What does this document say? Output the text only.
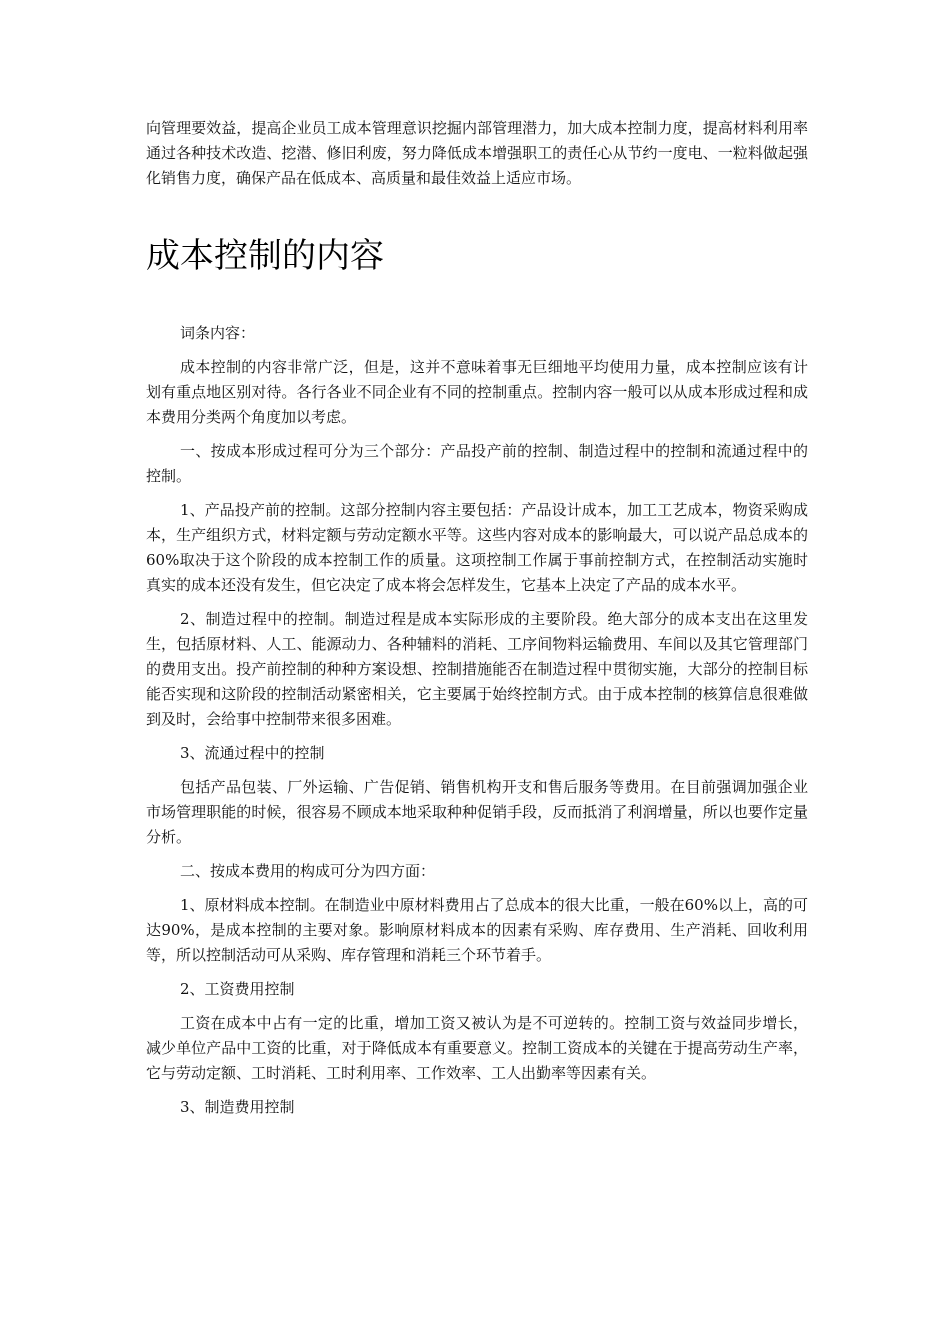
向管理要效益，提高企业员工成本管理意识挖掘内部管理潜力，加大成本控制力度，提高材料利用率通过各种技术改造、挖潜、修旧利废，努力降低成本增强职工的责任心从节约一度电、一粒料做起强化销售力度，确保产品在低成本、高质量和最佳效益上适应市场。

成本控制的内容

词条内容：

成本控制的内容非常广泛，但是，这并不意味着事无巨细地平均使用力量，成本控制应该有计划有重点地区别对待。各行各业不同企业有不同的控制重点。控制内容一般可以从成本形成过程和成本费用分类两个角度加以考虑。

一、按成本形成过程可分为三个部分：产品投产前的控制、制造过程中的控制和流通过程中的控制。

1、产品投产前的控制。这部分控制内容主要包括：产品设计成本，加工工艺成本，物资采购成本，生产组织方式，材料定额与劳动定额水平等。这些内容对成本的影响最大，可以说产品总成本的60%取决于这个阶段的成本控制工作的质量。这项控制工作属于事前控制方式，在控制活动实施时真实的成本还没有发生，但它决定了成本将会怎样发生，它基本上决定了产品的成本水平。

2、制造过程中的控制。制造过程是成本实际形成的主要阶段。绝大部分的成本支出在这里发生，包括原材料、人工、能源动力、各种辅料的消耗、工序间物料运输费用、车间以及其它管理部门的费用支出。投产前控制的种种方案设想、控制措施能否在制造过程中贯彻实施，大部分的控制目标能否实现和这阶段的控制活动紧密相关，它主要属于始终控制方式。由于成本控制的核算信息很难做到及时，会给事中控制带来很多困难。

3、流通过程中的控制

包括产品包装、厂外运输、广告促销、销售机构开支和售后服务等费用。在目前强调加强企业市场管理职能的时候，很容易不顾成本地采取种种促销手段，反而抵消了利润增量，所以也要作定量分析。

二、按成本费用的构成可分为四方面：

1、原材料成本控制。在制造业中原材料费用占了总成本的很大比重，一般在60%以上，高的可达90%，是成本控制的主要对象。影响原材料成本的因素有采购、库存费用、生产消耗、回收利用等，所以控制活动可从采购、库存管理和消耗三个环节着手。

2、工资费用控制

工资在成本中占有一定的比重，增加工资又被认为是不可逆转的。控制工资与效益同步增长，减少单位产品中工资的比重，对于降低成本有重要意义。控制工资成本的关键在于提高劳动生产率，它与劳动定额、工时消耗、工时利用率、工作效率、工人出勤率等因素有关。

3、制造费用控制
